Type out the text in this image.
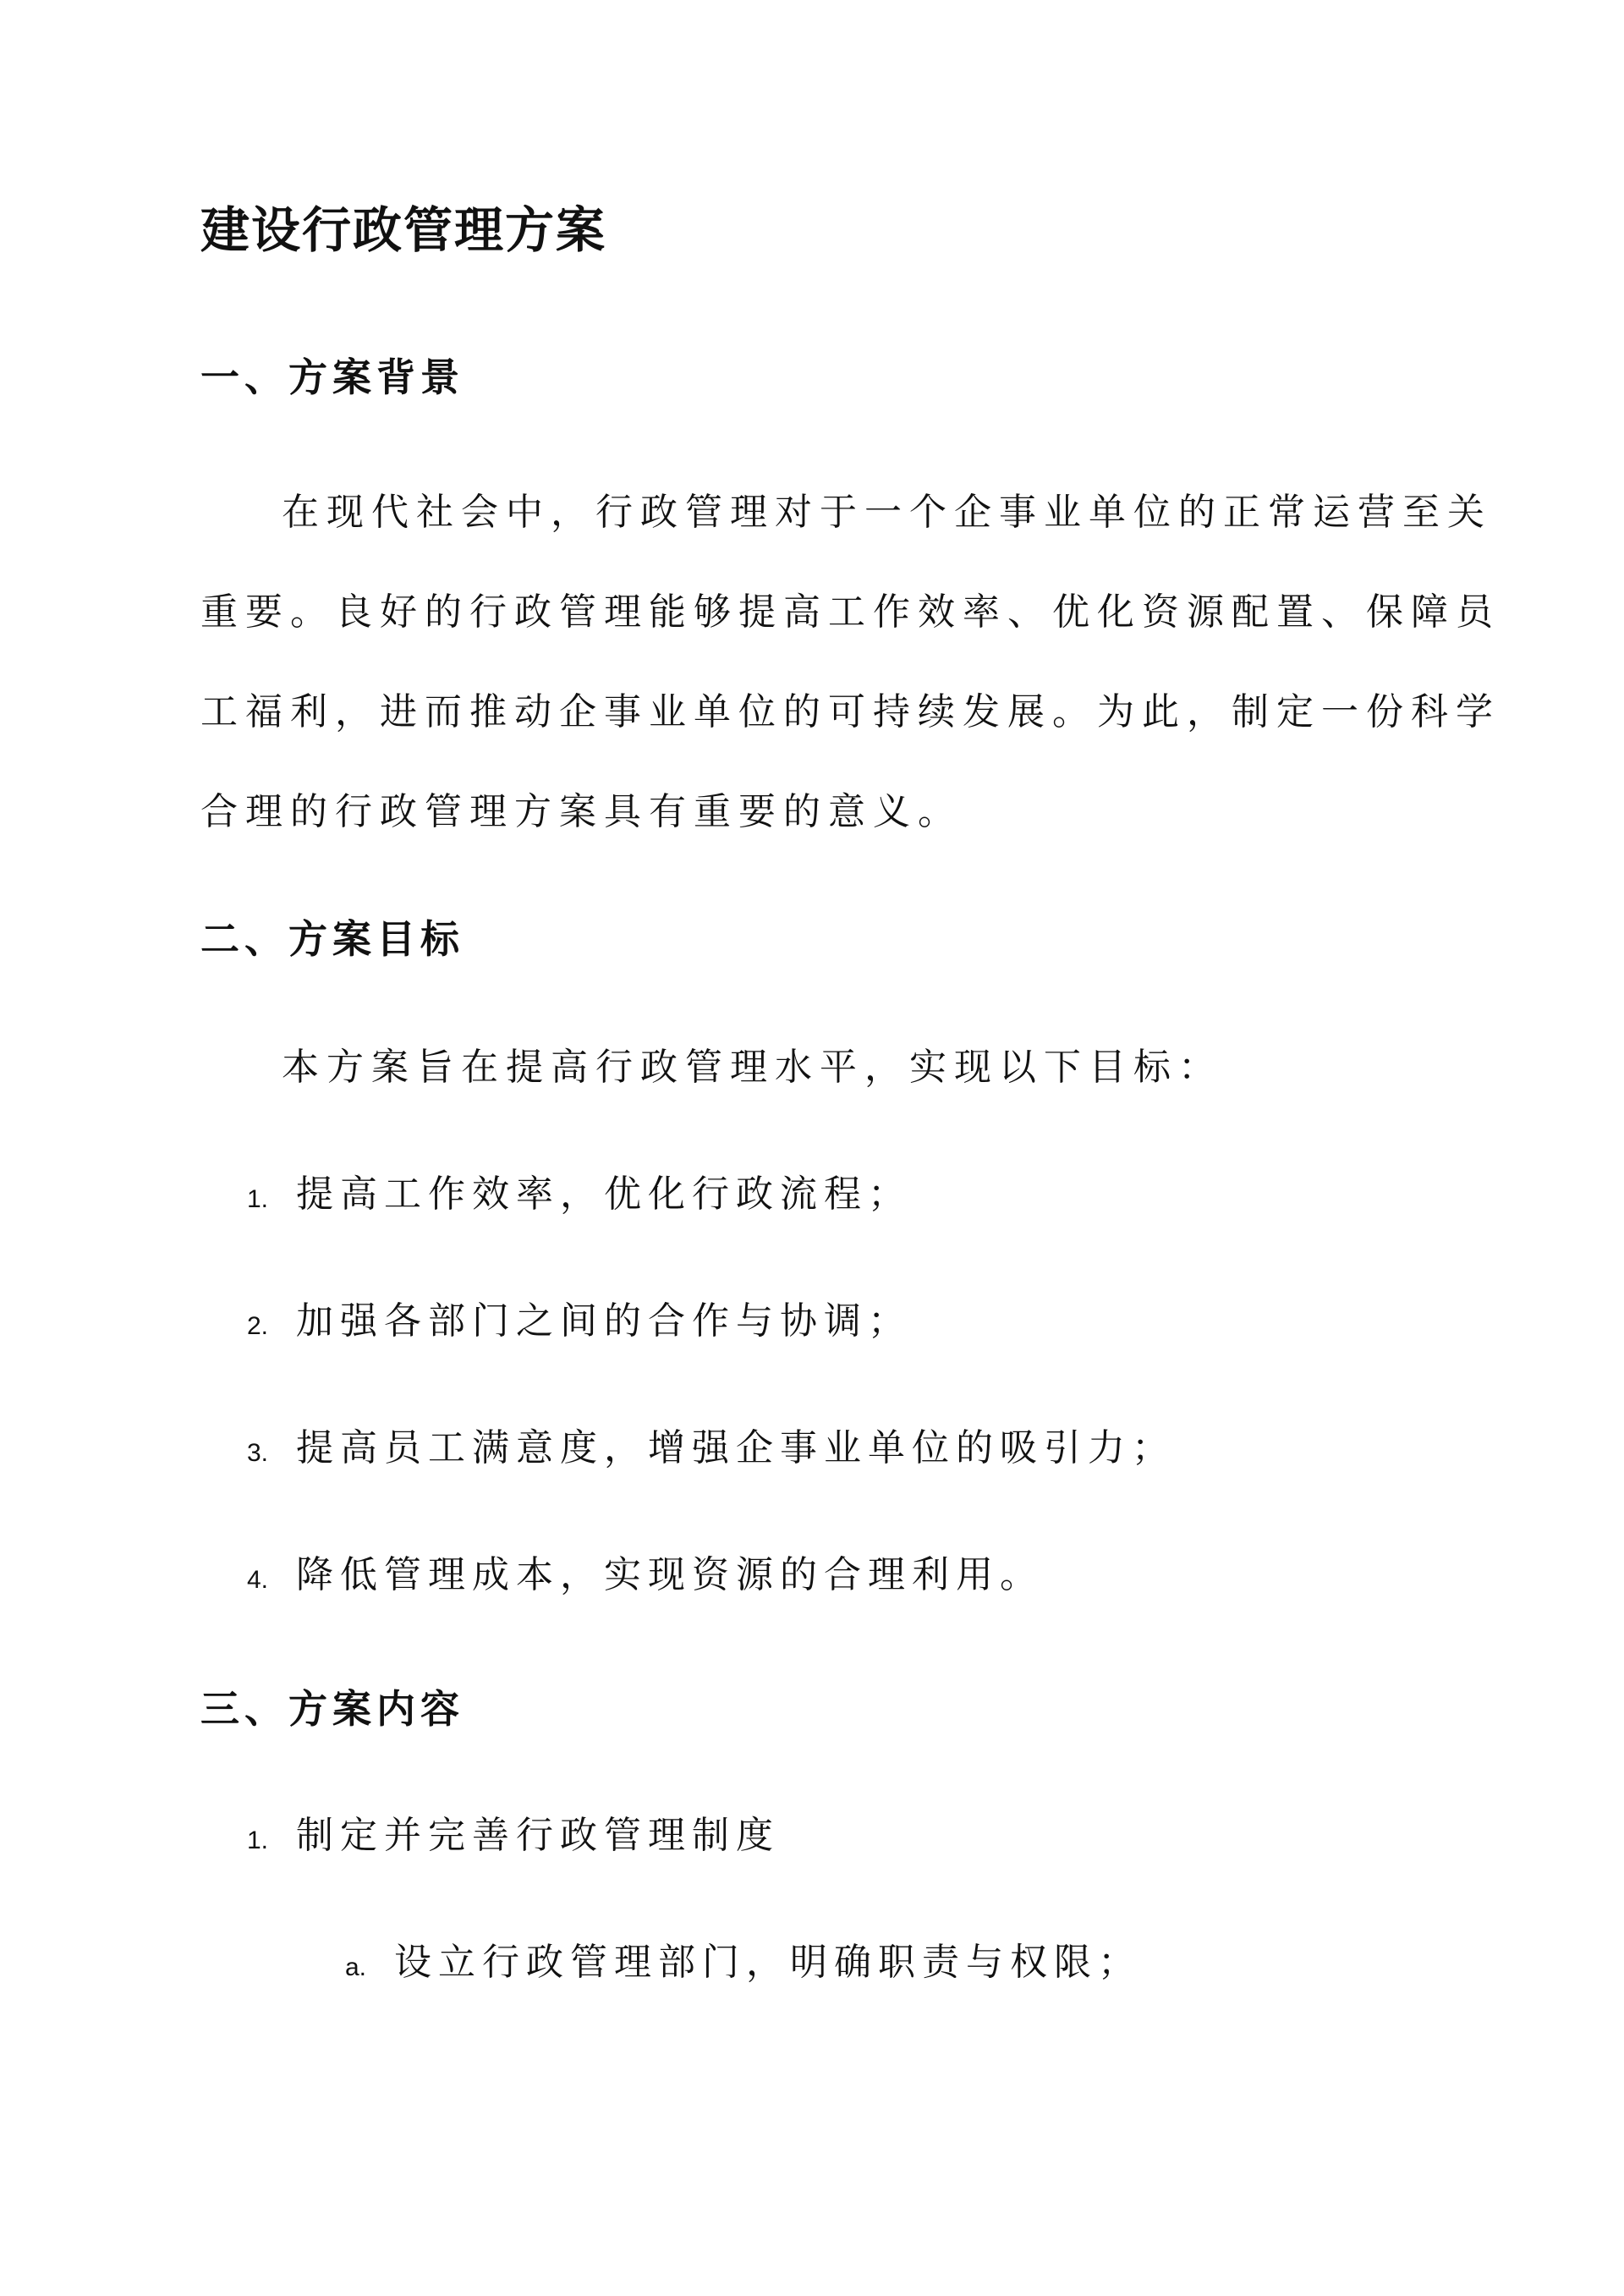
建设行政管理方案
一、方案背景

在现代社会中，行政管理对于一个企事业单位的正常运营至关

重要。良好的行政管理能够提高工作效率、优化资源配置、保障员

工福利，进而推动企事业单位的可持续发展。为此，制定一份科学

合理的行政管理方案具有重要的意义。

二、方案目标

本方案旨在提高行政管理水平，实现以下目标：

1. 提高工作效率，优化行政流程；
2. 加强各部门之间的合作与协调；
3. 提高员工满意度，增强企事业单位的吸引力；
4. 降低管理成本，实现资源的合理利用。
三、方案内容
1. 制定并完善行政管理制度
a. 设立行政管理部门，明确职责与权限；
